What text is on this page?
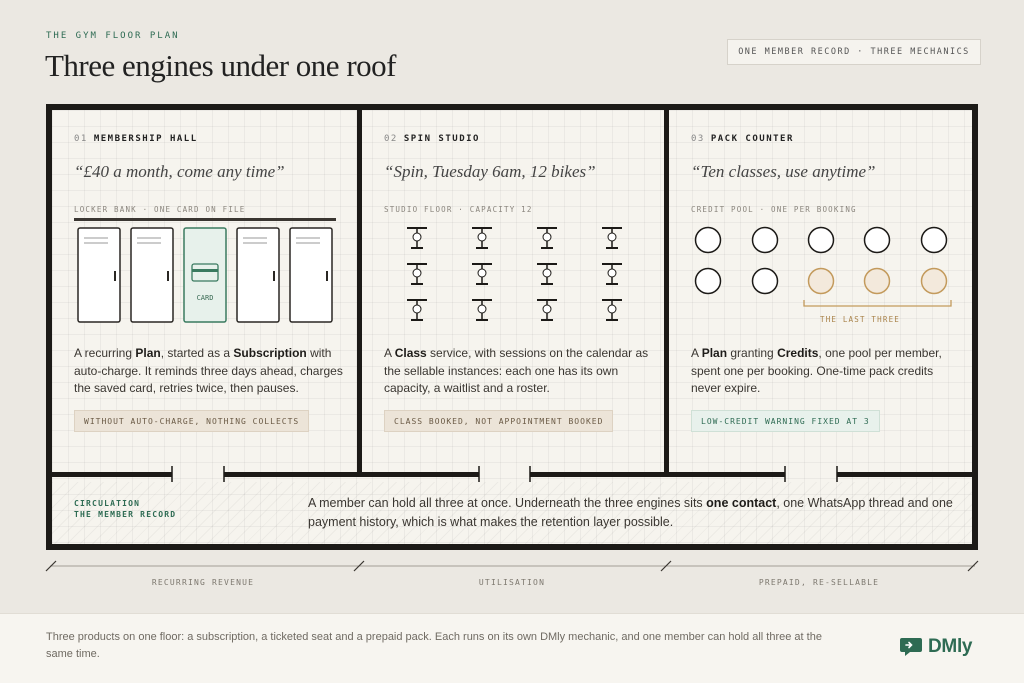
THE GYM FLOOR PLAN
Three engines under one roof	ONE MEMBER RECORD · THREE MECHANICS
01 MEMBERSHIP HALL
“£40 a month, come any time”
LOCKER BANK · ONE CARD ON FILE
CARD
A recurring Plan, started as a Subscription with auto-charge. It reminds three days ahead, charges the saved card, retries twice, then pauses.
WITHOUT AUTO-CHARGE, NOTHING COLLECTS
02 SPIN STUDIO
“Spin, Tuesday 6am, 12 bikes”
STUDIO FLOOR · CAPACITY 12
A Class service, with sessions on the calendar as the sellable instances: each one has its own capacity, a waitlist and a roster.
CLASS BOOKED, NOT APPOINTMENT BOOKED
03 PACK COUNTER
“Ten classes, use anytime”
CREDIT POOL · ONE PER BOOKING
THE LAST THREE
A Plan granting Credits, one pool per member, spent one per booking. One-time pack credits never expire.
LOW-CREDIT WARNING FIXED AT 3
CIRCULATION
THE MEMBER RECORD
A member can hold all three at once. Underneath the three engines sits one contact, one WhatsApp thread and one payment history, which is what makes the retention layer possible.
RECURRING REVENUE	UTILISATION	PREPAID, RE-SELLABLE
Three products on one floor: a subscription, a ticketed seat and a prepaid pack. Each runs on its own DMly mechanic, and one member can hold all three at the same time.	DMly
